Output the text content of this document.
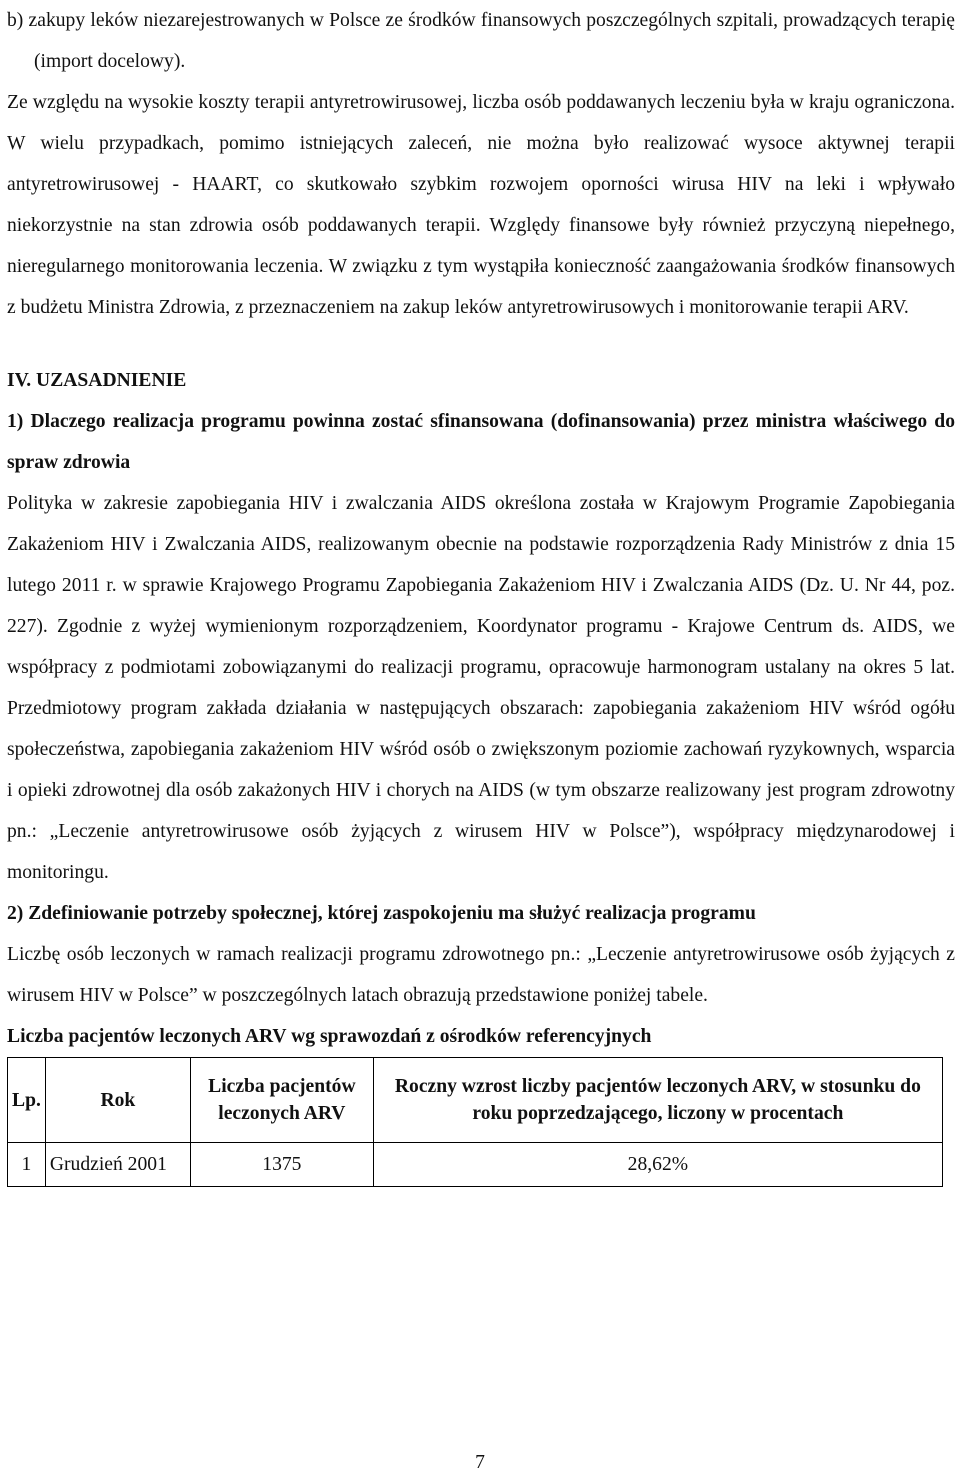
b) zakupy leków niezarejestrowanych w Polsce ze środków finansowych poszczególnych szpitali, prowadzących terapię (import docelowy).

Ze względu na wysokie koszty terapii antyretrowirusowej, liczba osób poddawanych leczeniu była w kraju ograniczona. W wielu przypadkach, pomimo istniejących zaleceń, nie można było realizować wysoce aktywnej terapii antyretrowirusowej - HAART, co skutkowało szybkim rozwojem oporności wirusa HIV na leki i wpływało niekorzystnie na stan zdrowia osób poddawanych terapii. Względy finansowe były również przyczyną niepełnego, nieregularnego monitorowania leczenia. W związku z tym wystąpiła konieczność zaangażowania środków finansowych z budżetu Ministra Zdrowia, z przeznaczeniem na zakup leków antyretrowirusowych i monitorowanie terapii ARV.

IV. UZASADNIENIE

1) Dlaczego realizacja programu powinna zostać sfinansowana (dofinansowania) przez ministra właściwego do spraw zdrowia

Polityka w zakresie zapobiegania HIV i zwalczania AIDS określona została w Krajowym Programie Zapobiegania Zakażeniom HIV i Zwalczania AIDS, realizowanym obecnie na podstawie rozporządzenia Rady Ministrów z dnia 15 lutego 2011 r. w sprawie Krajowego Programu Zapobiegania Zakażeniom HIV i Zwalczania AIDS (Dz. U. Nr 44, poz. 227). Zgodnie z wyżej wymienionym rozporządzeniem, Koordynator programu - Krajowe Centrum ds. AIDS, we współpracy z podmiotami zobowiązanymi do realizacji programu, opracowuje harmonogram ustalany na okres 5 lat. Przedmiotowy program zakłada działania w następujących obszarach: zapobiegania zakażeniom HIV wśród ogółu społeczeństwa, zapobiegania zakażeniom HIV wśród osób o zwiększonym poziomie zachowań ryzykownych, wsparcia i opieki zdrowotnej dla osób zakażonych HIV i chorych na AIDS (w tym obszarze realizowany jest program zdrowotny pn.: „Leczenie antyretrowirusowe osób żyjących z wirusem HIV w Polsce”), współpracy międzynarodowej i monitoringu.

2) Zdefiniowanie potrzeby społecznej, której zaspokojeniu ma służyć realizacja programu

Liczbę osób leczonych w ramach realizacji programu zdrowotnego pn.: „Leczenie antyretrowirusowe osób żyjących z wirusem HIV w Polsce” w poszczególnych latach obrazują przedstawione poniżej tabele.

Liczba pacjentów leczonych ARV wg sprawozdań z ośrodków referencyjnych

Lp.	Rok	Liczba pacjentów leczonych ARV	Roczny wzrost liczby pacjentów leczonych ARV, w stosunku do roku poprzedzającego, liczony w procentach
1	Grudzień 2001	1375	28,62%
7
